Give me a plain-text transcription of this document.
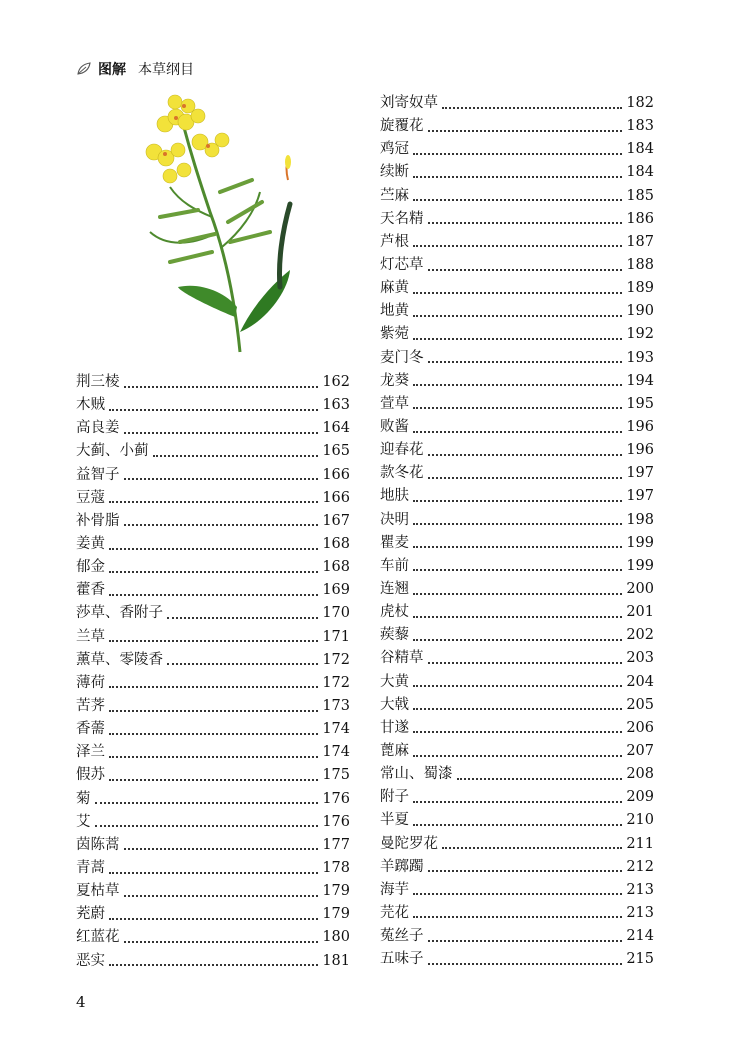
图解 本草纲目
荆三棱	162
木贼	163
高良姜	164
大蓟、小蓟	165
益智子	166
豆蔻	166
补骨脂	167
姜黄	168
郁金	168
藿香	169
莎草、香附子	170
兰草	171
薰草、零陵香	172
薄荷	172
苦荠	173
香薷	174
泽兰	174
假苏	175
菊	176
艾	176
茵陈蒿	177
青蒿	178
夏枯草	179
茺蔚	179
红蓝花	180
恶实	181
刘寄奴草	182
旋覆花	183
鸡冠	184
续断	184
苎麻	185
天名精	186
芦根	187
灯芯草	188
麻黄	189
地黄	190
紫菀	192
麦门冬	193
龙葵	194
萱草	195
败酱	196
迎春花	196
款冬花	197
地肤	197
决明	198
瞿麦	199
车前	199
连翘	200
虎杖	201
蒺藜	202
谷精草	203
大黄	204
大戟	205
甘遂	206
蓖麻	207
常山、蜀漆	208
附子	209
半夏	210
曼陀罗花	211
羊踯躅	212
海芋	213
芫花	213
菟丝子	214
五味子	215
4
